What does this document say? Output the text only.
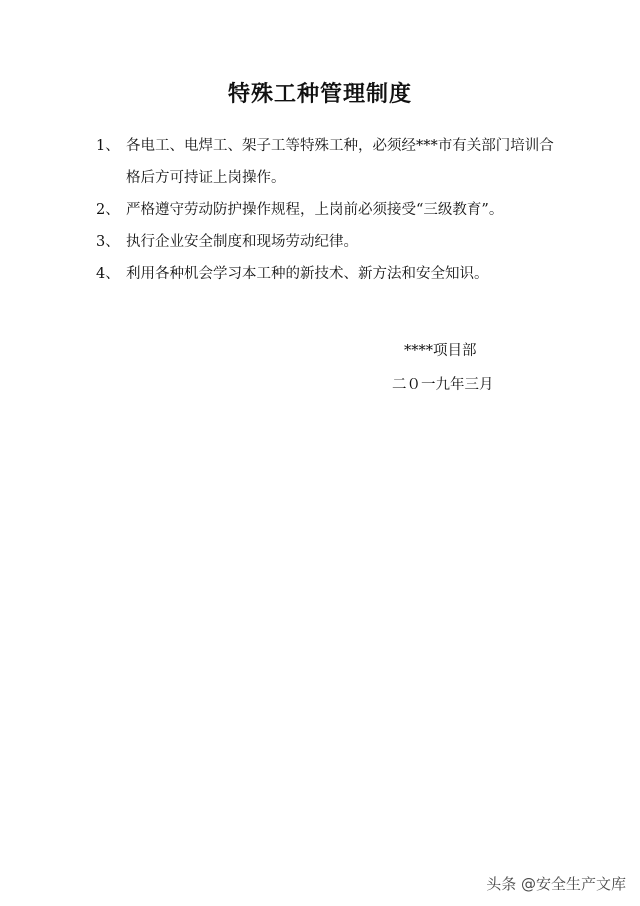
特殊工种管理制度
1、 各电工、电焊工、架子工等特殊工种，必须经***市有关部门培训合格后方可持证上岗操作。
2、 严格遵守劳动防护操作规程，上岗前必须接受“三级教育”。
3、 执行企业安全制度和现场劳动纪律。
4、 利用各种机会学习本工种的新技术、新方法和安全知识。
****项目部
二０一九年三月
头条 @安全生产文库
